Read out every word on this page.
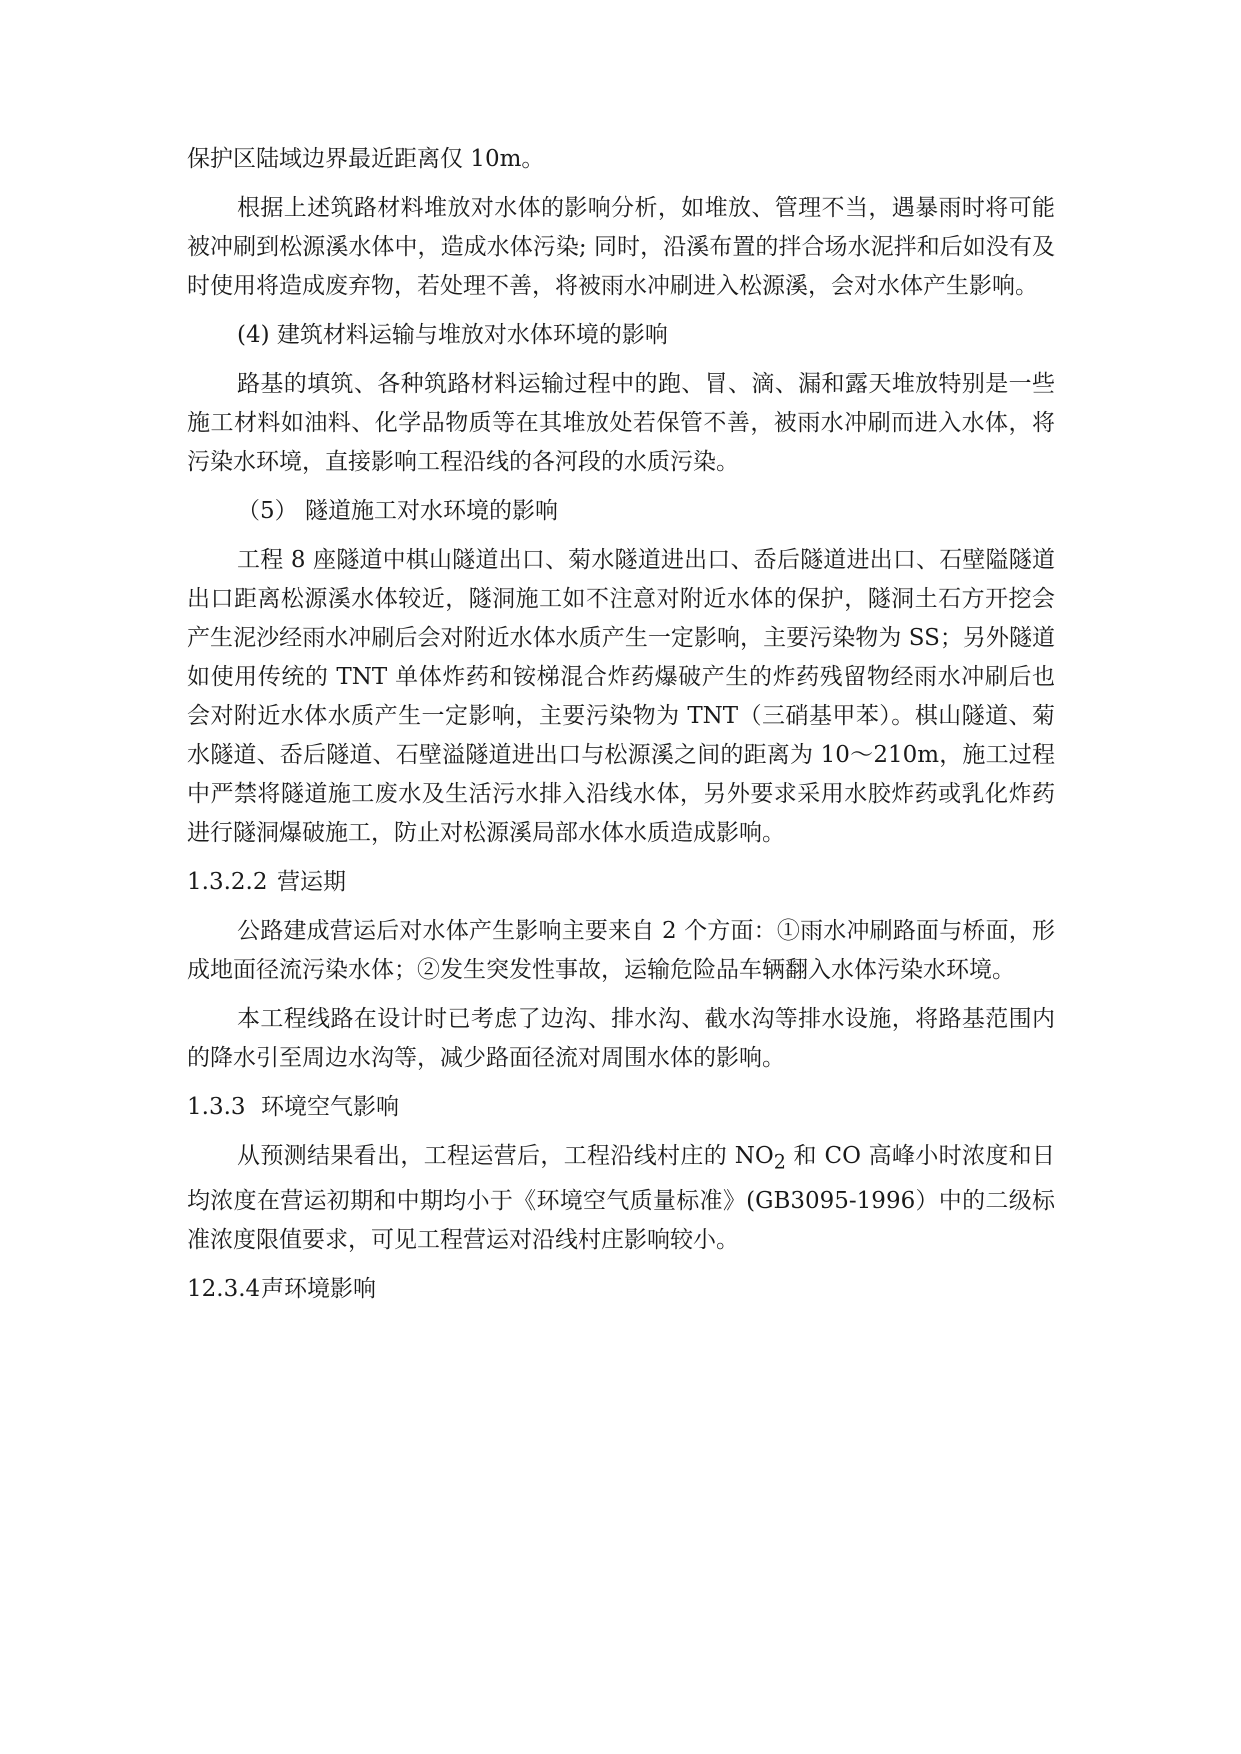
保护区陆域边界最近距离仅 10m。

根据上述筑路材料堆放对水体的影响分析，如堆放、管理不当，遇暴雨时将可能被冲刷到松源溪水体中，造成水体污染; 同时，沿溪布置的拌合场水泥拌和后如没有及时使用将造成废弃物，若处理不善，将被雨水冲刷进入松源溪，会对水体产生影响。

(4) 建筑材料运输与堆放对水体环境的影响

路基的填筑、各种筑路材料运输过程中的跑、冒、滴、漏和露天堆放特别是一些施工材料如油料、化学品物质等在其堆放处若保管不善，被雨水冲刷而进入水体，将污染水环境，直接影响工程沿线的各河段的水质污染。

（5） 隧道施工对水环境的影响

工程 8 座隧道中棋山隧道出口、菊水隧道进出口、岙后隧道进出口、石壁隘隧道出口距离松源溪水体较近，隧洞施工如不注意对附近水体的保护，隧洞土石方开挖会产生泥沙经雨水冲刷后会对附近水体水质产生一定影响，主要污染物为 SS；另外隧道如使用传统的 TNT 单体炸药和铵梯混合炸药爆破产生的炸药残留物经雨水冲刷后也会对附近水体水质产生一定影响，主要污染物为 TNT（三硝基甲苯）。棋山隧道、菊水隧道、岙后隧道、石壁溢隧道进出口与松源溪之间的距离为 10～210m，施工过程中严禁将隧道施工废水及生活污水排入沿线水体，另外要求采用水胶炸药或乳化炸药进行隧洞爆破施工，防止对松源溪局部水体水质造成影响。

1.3.2.2 营运期

公路建成营运后对水体产生影响主要来自 2 个方面：①雨水冲刷路面与桥面，形成地面径流污染水体；②发生突发性事故，运输危险品车辆翻入水体污染水环境。

本工程线路在设计时已考虑了边沟、排水沟、截水沟等排水设施，将路基范围内的降水引至周边水沟等，减少路面径流对周围水体的影响。

1.3.3 环境空气影响

从预测结果看出，工程运营后，工程沿线村庄的 $NO_2$ 和 CO 高峰小时浓度和日均浓度在营运初期和中期均小于《环境空气质量标准》(GB3095-1996）中的二级标准浓度限值要求，可见工程营运对沿线村庄影响较小。

12.3.4声环境影响
